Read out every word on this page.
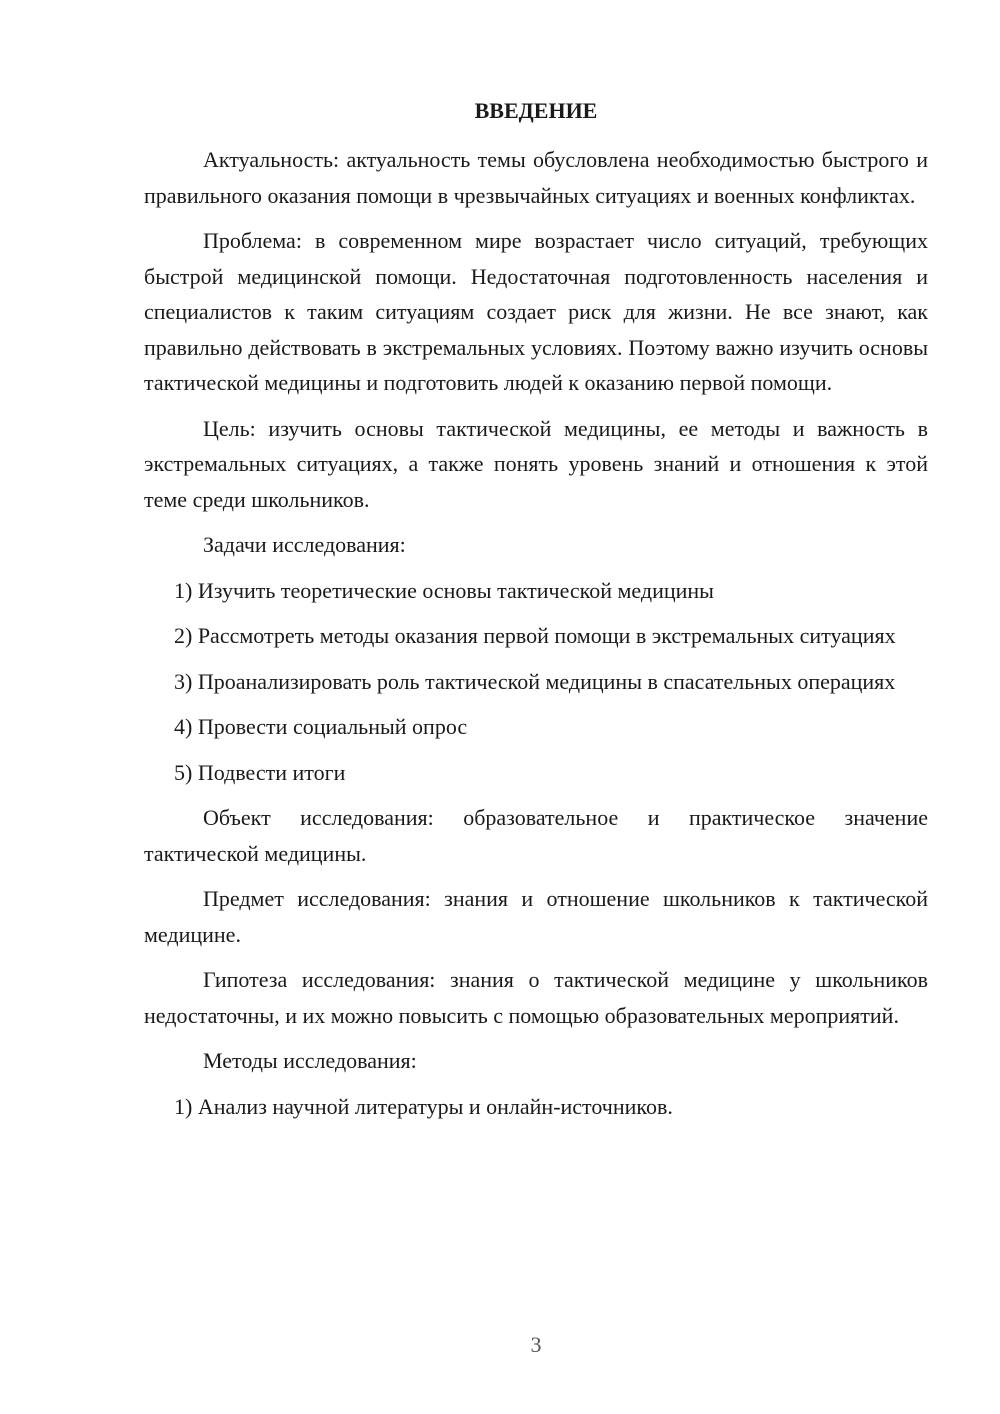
ВВЕДЕНИЕ

Актуальность: актуальность темы обусловлена необходимостью быстрого и правильного оказания помощи в чрезвычайных ситуациях и военных конфликтах.

Проблема: в современном мире возрастает число ситуаций, требующих быстрой медицинской помощи. Недостаточная подготовленность населения и специалистов к таким ситуациям создает риск для жизни. Не все знают, как правильно действовать в экстремальных условиях. Поэтому важно изучить основы тактической медицины и подготовить людей к оказанию первой помощи.

Цель: изучить основы тактической медицины, ее методы и важность в экстремальных ситуациях, а также понять уровень знаний и отношения к этой теме среди школьников.

Задачи исследования:

1) Изучить теоретические основы тактической медицины

2) Рассмотреть методы оказания первой помощи в экстремальных ситуациях

3) Проанализировать роль тактической медицины в спасательных операциях

4) Провести социальный опрос

5) Подвести итоги

Объект исследования: образовательное и практическое значение тактической медицины.

Предмет исследования: знания и отношение школьников к тактической медицине.

Гипотеза исследования: знания о тактической медицине у школьников недостаточны, и их можно повысить с помощью образовательных мероприятий.

Методы исследования:

1) Анализ научной литературы и онлайн-источников.

3
